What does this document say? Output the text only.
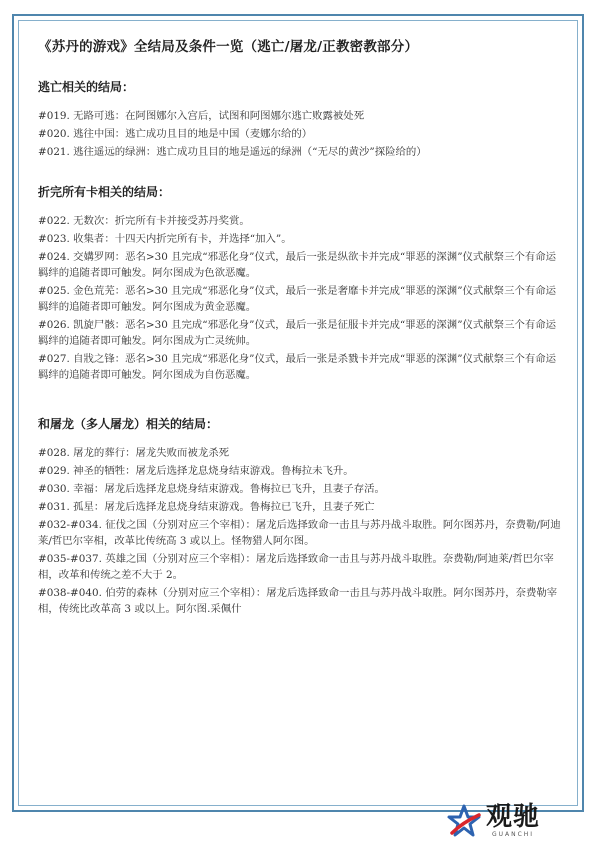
《苏丹的游戏》全结局及条件一览（逃亡/屠龙/正教密教部分）
逃亡相关的结局：
#019. 无路可逃：在阿图娜尔入宫后，试图和阿图娜尔逃亡败露被处死
#020. 逃往中国：逃亡成功且目的地是中国（麦娜尔给的）
#021. 逃往遥远的绿洲：逃亡成功且目的地是遥远的绿洲（“无尽的黄沙”探险给的）
折完所有卡相关的结局：
#022. 无数次：折完所有卡并接受苏丹奖赏。
#023. 收集者：十四天内折完所有卡，并选择“加入”。
#024. 交媾罗网：恶名>30 且完成“邪恶化身”仪式，最后一张是纵欲卡并完成“罪恶的深渊”仪式献祭三个有命运羁绊的追随者即可触发。阿尔图成为色欲恶魔。
#025. 金色荒芜：恶名>30 且完成“邪恶化身”仪式，最后一张是奢靡卡并完成“罪恶的深渊”仪式献祭三个有命运羁绊的追随者即可触发。阿尔图成为黄金恶魔。
#026. 凯旋尸骸：恶名>30 且完成“邪恶化身”仪式，最后一张是征服卡并完成“罪恶的深渊”仪式献祭三个有命运羁绊的追随者即可触发。阿尔图成为亡灵统帅。
#027. 自戕之锋：恶名>30 且完成“邪恶化身”仪式，最后一张是杀戮卡并完成“罪恶的深渊”仪式献祭三个有命运羁绊的追随者即可触发。阿尔图成为自伤恶魔。
和屠龙（多人屠龙）相关的结局：
#028. 屠龙的葬行：屠龙失败而被龙杀死
#029. 神圣的牺牲：屠龙后选择龙息烧身结束游戏。鲁梅拉未飞升。
#030. 幸福：屠龙后选择龙息烧身结束游戏。鲁梅拉已飞升，且妻子存活。
#031. 孤星：屠龙后选择龙息烧身结束游戏。鲁梅拉已飞升，且妻子死亡
#032-#034. 征伐之国（分别对应三个宰相）：屠龙后选择致命一击且与苏丹战斗取胜。阿尔图苏丹，奈费勒/阿迪莱/哲巴尔宰相，改革比传统高 3 或以上。怪物猎人阿尔图。
#035-#037. 英雄之国（分别对应三个宰相）：屠龙后选择致命一击且与苏丹战斗取胜。奈费勒/阿迪莱/哲巴尔宰相，改革和传统之差不大于 2。
#038-#040. 伯劳的森林（分别对应三个宰相）：屠龙后选择致命一击且与苏丹战斗取胜。阿尔图苏丹，奈费勒宰相，传统比改革高 3 或以上。阿尔图.采佩什
观驰
GUANCHI
